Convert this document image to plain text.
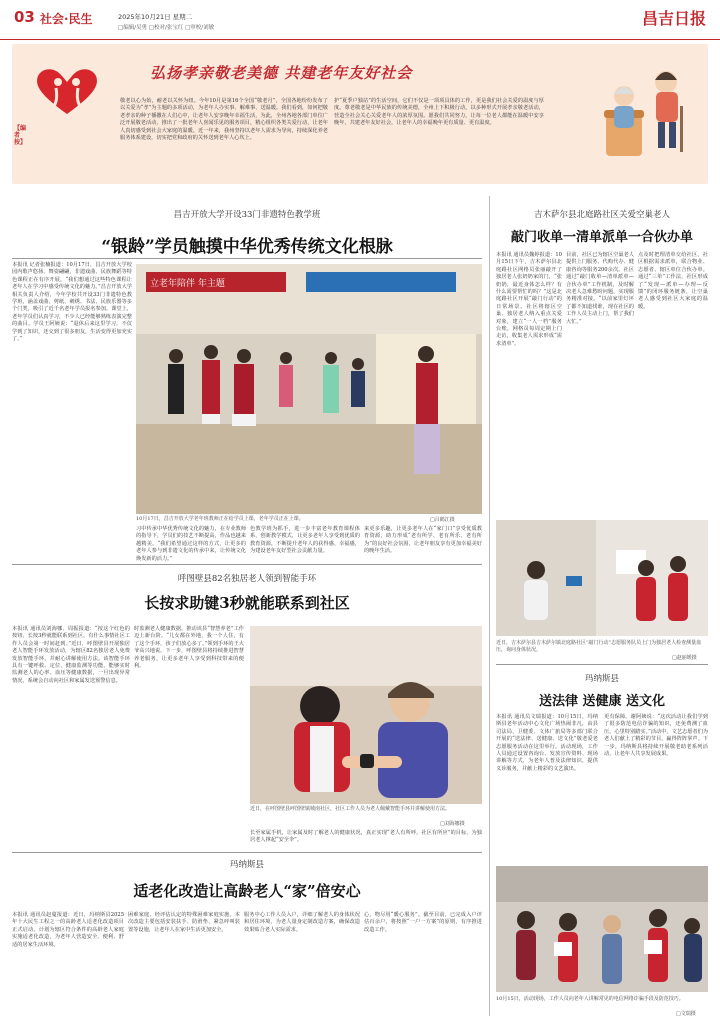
03 社会·民生	2025年10月21日 星期二
□编辑/吴勇 □校对/张宝红 □审校/刘敏	昌吉日报
弘扬孝亲敬老美德 共建老年友好社会
【编者按】
敬老以心为始，耐老以关怀为纽。今年10月是第16个全国“敬老月”，全国各地纷纷发布了以关爱为“孝”为主题的多项活动，为老年人办实事、解难事、送温暖。我们看到，如何把敬老孝亲的种子播撒在人们心中，让老年人安享晚年幸福生活，为此，全州各地各部门单位广泛开展敬老活动，推出了一批老年人喜闻乐见的服务项目，精心组织各类关爱行动，让老年人真切感受到社会大家庭的温暖。近一年来，我州坚持以老年人需求为导向，持续深化养老服务体系建设，切实把党和政府的关怀送到老年人心坎上。
护“夏季户独站”的生活空间，它们不仅是一项项具体的工作，更是我们社会关爱的温度与厚度。尊老敬老是中华民族的传统美德，全州上下积极行动，以多种形式开展孝亲敬老活动，营造全社会关心关爱老年人的浓厚氛围。愿我们共同努力，让每一位老人都能在温暖中安享晚年，共建老年友好社会，让老年人的幸福晚年更有质量、更有温度。
昌吉开放大学开设33门非遗特色教学班
“银龄”学员触摸中华优秀传统文化根脉
本报讯 记者张楠报道：10月17日，昌吉开放大学校园内歌声悠扬、舞姿翩翩，非遗戏曲、民族舞蹈等特色课程正在有序开展。“我们想通过这些特色课程让老年人在学习中感受传统文化的魅力。”昌吉开放大学相关负责人介绍，今年学校共开设33门非遗特色教学班，涵盖戏曲、剪纸、刺绣、书法、民族乐器等多个门类，吸引了近千名老年学员报名参加。课堂上，老年学员们认真学习，不少人已经能够熟练表演完整的曲目。学员王阿姨说：“退休后来这里学习，不仅学到了知识，还交到了很多朋友，生活变得更加充实了。”
立老年陪伴 年主题
10月17日，昌吉开放大学老年班教师正在给学员上课，老年学员正在上课。	□吕鹤江摄
习中传承中华优秀传统文化的魅力，在专业教师的指导下，学员们的技艺不断提高，作品也越来越精美。“我们希望通过这样的方式，让更多的老年人参与到非遗文化的传承中来，让传统文化焕发新的活力。”
色教学班为抓手，进一步丰富老年教育课程体系，创新教学模式，让更多老年人享受到优质的教育资源，不断提升老年人的获得感、幸福感，为建设老年友好型社会贡献力量。
来更多乐趣，让更多老年人在“家门口”享受优质教育资源，助力形成“老有所学、老有所乐、老有所为”的良好社会氛围，让老年朋友享有更加幸福美好的晚年生活。
呼图壁县82名独居老人领到智能手环
长按求助键3秒就能联系到社区
本报讯 通讯员刘海娜、周振报道：“按这个红色的按钮，长按3秒就能联系到社区，有什么事情社区工作人员会第一时间赶到。”近日，呼图壁县开展独居老人智能手环发放活动，为辖区82名独居老人免费发放智能手环，并耐心讲解使用方法。该智能手环具有一键呼救、定位、健康监测等功能，能够实时监测老人的心率、血压等健康数据，一旦出现异常情况，系统会自动向社区和家属发送预警信息。
时监测老人健康数据，推动该县“智慧养老”工作迈上新台阶。“儿女都在外地，我一个人住，有了这个手环，孩子们放心多了。”领到手环的王大爷高兴地说。下一步，呼图壁县将持续推进智慧养老服务，让更多老年人享受到科技带来的便利。
近日，在呼图壁县呼图壁镇城南社区，社区工作人员为老人佩戴智能手环并讲解使用方法。
□刘海娜摄
长至家属手机，让家属及时了解老人的健康状况，真正实现“老人有所呼，社区有所应”的目标，为独居老人撑起“安全伞”。
玛纳斯县
适老化改造让高龄老人“家”倍安心
本报讯 通讯员赵蔓报道：近日，玛纳斯县2025年十大民生工程之一的高龄老人适老化改造项目正式启动，计划为辖区符合条件的高龄老人家庭实施适老化改造，为老年人营造安全、便利、舒适的居家生活环境。
困难家庭、经评估认定的特殊困难家庭实施。本次改造主要包括安装扶手、防滑垫、紧急呼叫装置等设施，让老年人在家中生活更加安全。
服务中心工作人员入户，详细了解老人的身体状况和居住环境，为老人量身定制改造方案，确保改造效果贴合老人实际需求。
心，物尽用“暖心服务”。截至目前，已完成入户评估百余户，将按照“一户一方案”的原则，有序推进改造工作。
吉木萨尔县北庭路社区关爱空巢老人
敲门收单一清单派单一合伙办单
本报讯 通讯员魏婷报道：10月15日下午，吉木萨尔县北庭路社区网格员张丽敲开了独居老人张奶奶家的门，“张奶奶，最近身体怎么样？有什么需要帮忙的吗？”这是北庭路社区开展“敲门行动”的日常场景。社区将辖区空巢、独居老人纳入重点关爱对象，建立“一人一档”服务台账，网格员每周定期上门走访，收集老人需求形成“需求清单”。
目前，社区已为辖区空巢老人提供上门服务、代购代办、健康咨询等服务200余次。社区通过“敲门收单—清单派单—合伙办单”工作机制，及时解决老人急难愁盼问题，实现服务精准对接。“以前家里灯坏了都不知道找谁，现在社区的工作人员主动上门，帮了我们大忙。”
点及时把理清单交给社区，社区根据需求派单，联合物业、志愿者、辖区单位合伙办单。通过“三单”工作法，社区形成了“发现—派单—办理—反馈”的闭环服务链条，让空巢老人感受到社区大家庭的温暖。
近日，吉木萨尔县吉木萨尔镇北庭路社区“敲门行动”志愿服务队员上门为独居老人检查测量血压，询问身体状况。
□赵丽媛摄
玛纳斯县
送法律 送健康 送文化
本报讯 通讯员文瑞报道：10月15日，玛纳斯县老年活动中心文化广场热闹非凡，由县司法局、卫健委、文体广旅局等多部门联合开展的“送法律、送健康、送文化”敬老爱老志愿服务活动在这里举行。活动现场，工作人员通过设置咨询台、发放宣传资料、现场讲解等方式，为老年人普及法律知识，提供义诊服务，并献上精彩的文艺演出。
更有保障。谢阿姨说：“这次活动让我们学到了很多防范电信诈骗的知识，还免费测了血压，心里特别踏实。”活动中，文艺志愿者们为老人们献上了精彩的节目，赢得阵阵掌声。下一步，玛纳斯县将持续开展敬老助老系列活动，让老年人共享发展成果。
10月15日，活动现场，工作人员向老年人讲解常见的电信网络诈骗手段及防范技巧。
□文瑞摄
